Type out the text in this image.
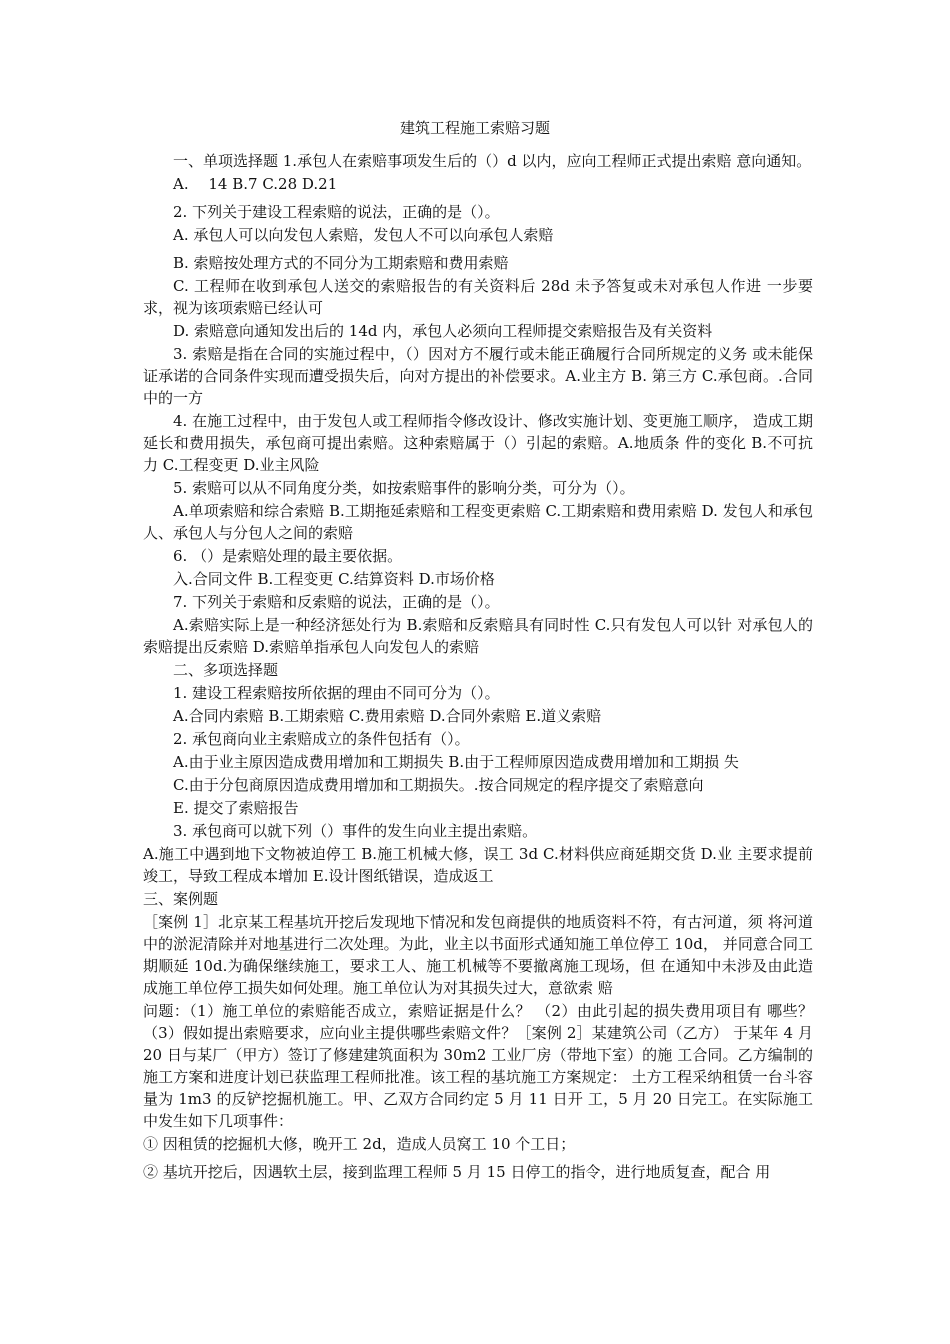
建筑工程施工索赔习题

一、单项选择题 1.承包人在索赔事项发生后的（）d 以内，应向工程师正式提出索赔 意向通知。

A. 　14 B.7 C.28 D.21

2. 下列关于建设工程索赔的说法，正确的是（）。

A. 承包人可以向发包人索赔，发包人不可以向承包人索赔

B. 索赔按处理方式的不同分为工期索赔和费用索赔

C. 工程师在收到承包人送交的索赔报告的有关资料后 28d 未予答复或未对承包人作进 一步要求，视为该项索赔已经认可

D. 索赔意向通知发出后的 14d 内，承包人必须向工程师提交索赔报告及有关资料

3. 索赔是指在合同的实施过程中，（）因对方不履行或未能正确履行合同所规定的义务 或未能保证承诺的合同条件实现而遭受损失后，向对方提出的补偿要求。A.业主方 B. 第三方 C.承包商。.合同中的一方

4. 在施工过程中，由于发包人或工程师指令修改设计、修改实施计划、变更施工顺序， 造成工期延长和费用损失，承包商可提出索赔。这种索赔属于（）引起的索赔。A.地质条 件的变化 B.不可抗力 C.工程变更 D.业主风险

5. 索赔可以从不同角度分类，如按索赔事件的影响分类，可分为（）。

A.单项索赔和综合索赔 B.工期拖延索赔和工程变更索赔 C.工期索赔和费用索赔 D. 发包人和承包人、承包人与分包人之间的索赔

6. （）是索赔处理的最主要依据。

入.合同文件 B.工程变更 C.结算资料 D.市场价格

7. 下列关于索赔和反索赔的说法，正确的是（）。

A.索赔实际上是一种经济惩处行为 B.索赔和反索赔具有同时性 C.只有发包人可以针 对承包人的索赔提出反索赔 D.索赔单指承包人向发包人的索赔

二、多项选择题

1. 建设工程索赔按所依据的理由不同可分为（）。

A.合同内索赔 B.工期索赔 C.费用索赔 D.合同外索赔 E.道义索赔

2. 承包商向业主索赔成立的条件包括有（）。

A.由于业主原因造成费用增加和工期损失 B.由于工程师原因造成费用增加和工期损 失

C.由于分包商原因造成费用增加和工期损失。.按合同规定的程序提交了索赔意向

E. 提交了索赔报告

3. 承包商可以就下列（）事件的发生向业主提出索赔。

A.施工中遇到地下文物被迫停工 B.施工机械大修，误工 3d C.材料供应商延期交货 D.业 主要求提前竣工，导致工程成本增加 E.设计图纸错误，造成返工

三、案例题

［案例 1］北京某工程基坑开挖后发现地下情况和发包商提供的地质资料不符，有古河道，须 将河道中的淤泥清除并对地基进行二次处理。为此，业主以书面形式通知施工单位停工 10d， 并同意合同工期顺延 10d.为确保继续施工，要求工人、施工机械等不要撤离施工现场，但 在通知中未涉及由此造成施工单位停工损失如何处理。施工单位认为对其损失过大，意欲索 赔

问题：（1）施工单位的索赔能否成立，索赔证据是什么？ （2）由此引起的损失费用项目有 哪些？ （3）假如提出索赔要求，应向业主提供哪些索赔文件？［案例 2］某建筑公司（乙方） 于某年 4 月 20 日与某厂（甲方）签订了修建建筑面积为 30m2 工业厂房（带地下室）的施 工合同。乙方编制的施工方案和进度计划已获监理工程师批准。该工程的基坑施工方案规定： 土方工程采纳租赁一台斗容量为 1m3 的反铲挖掘机施工。甲、乙双方合同约定 5 月 11 日开 工，5 月 20 日完工。在实际施工中发生如下几项事件：

① 因租赁的挖掘机大修，晚开工 2d，造成人员窝工 10 个工日；

② 基坑开挖后，因遇软土层，接到监理工程师 5 月 15 日停工的指令，进行地质复查，配合 用
